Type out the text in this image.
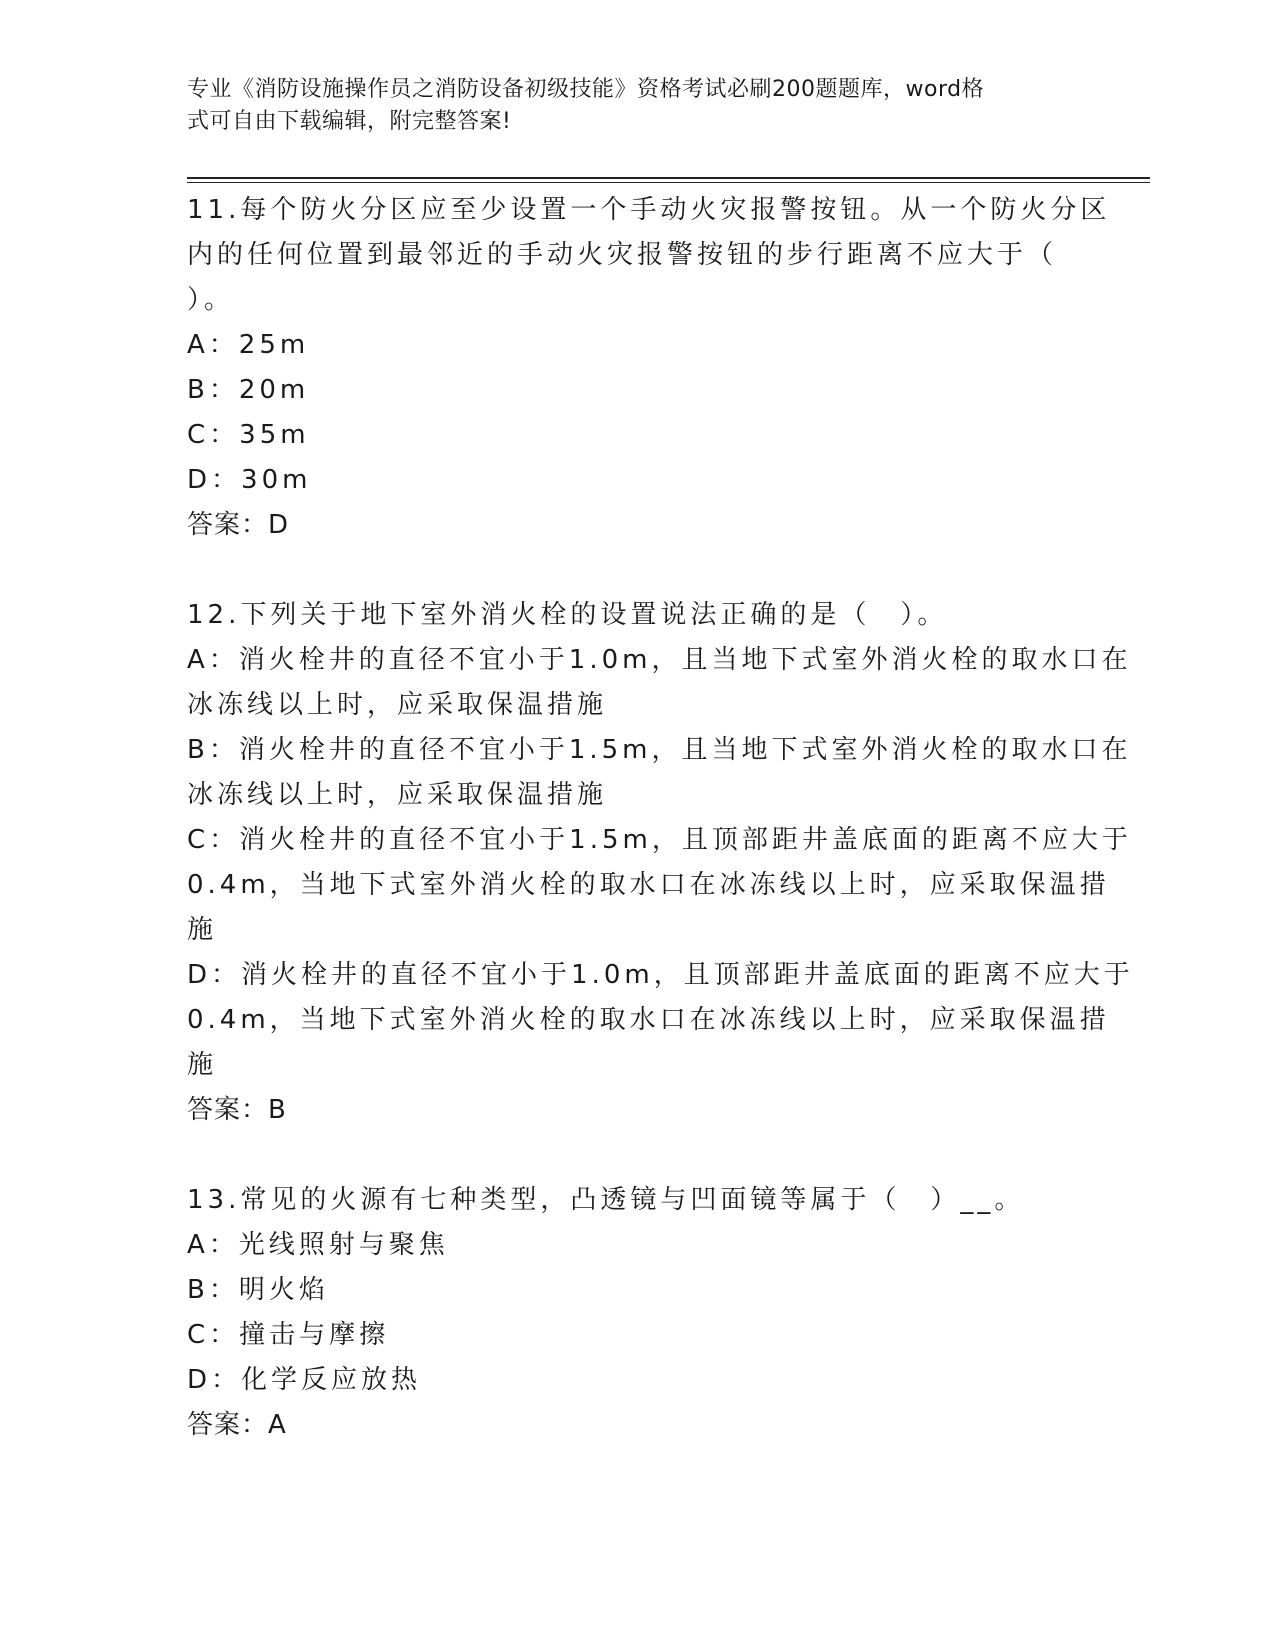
专业《消防设施操作员之消防设备初级技能》资格考试必刷200题题库，word格
式可自由下载编辑，附完整答案!
11.每个防火分区应至少设置一个手动火灾报警按钮。从一个防火分区
内的任何位置到最邻近的手动火灾报警按钮的步行距离不应大于（
）。
A：25m
B：20m
C：35m
D：30m
答案：D
12.下列关于地下室外消火栓的设置说法正确的是（　）。
A：消火栓井的直径不宜小于1.0m，且当地下式室外消火栓的取水口在
冰冻线以上时，应采取保温措施
B：消火栓井的直径不宜小于1.5m，且当地下式室外消火栓的取水口在
冰冻线以上时，应采取保温措施
C：消火栓井的直径不宜小于1.5m，且顶部距井盖底面的距离不应大于
0.4m，当地下式室外消火栓的取水口在冰冻线以上时，应采取保温措
施
D：消火栓井的直径不宜小于1.0m，且顶部距井盖底面的距离不应大于
0.4m，当地下式室外消火栓的取水口在冰冻线以上时，应采取保温措
施
答案：B
13.常见的火源有七种类型，凸透镜与凹面镜等属于（　）__。
A：光线照射与聚焦
B：明火焰
C：撞击与摩擦
D：化学反应放热
答案：A
